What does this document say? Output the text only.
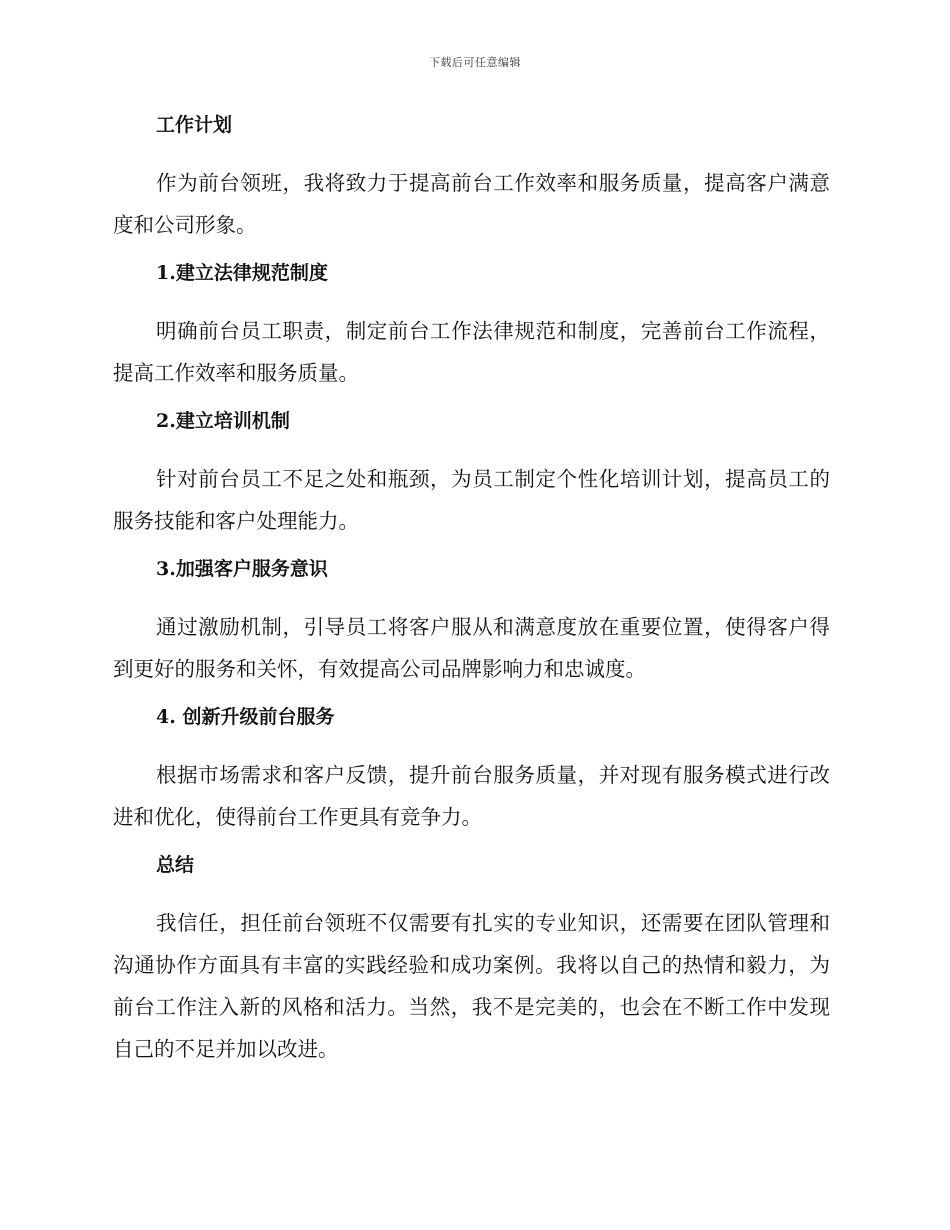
下载后可任意编辑

工作计划

作为前台领班，我将致力于提高前台工作效率和服务质量，提高客户满意度和公司形象。

1.建立法律规范制度

明确前台员工职责，制定前台工作法律规范和制度，完善前台工作流程，提高工作效率和服务质量。

2.建立培训机制

针对前台员工不足之处和瓶颈，为员工制定个性化培训计划，提高员工的服务技能和客户处理能力。

3.加强客户服务意识

通过激励机制，引导员工将客户服从和满意度放在重要位置，使得客户得到更好的服务和关怀，有效提高公司品牌影响力和忠诚度。

4. 创新升级前台服务

根据市场需求和客户反馈，提升前台服务质量，并对现有服务模式进行改进和优化，使得前台工作更具有竞争力。

总结

我信任，担任前台领班不仅需要有扎实的专业知识，还需要在团队管理和沟通协作方面具有丰富的实践经验和成功案例。我将以自己的热情和毅力，为前台工作注入新的风格和活力。当然，我不是完美的，也会在不断工作中发现自己的不足并加以改进。
